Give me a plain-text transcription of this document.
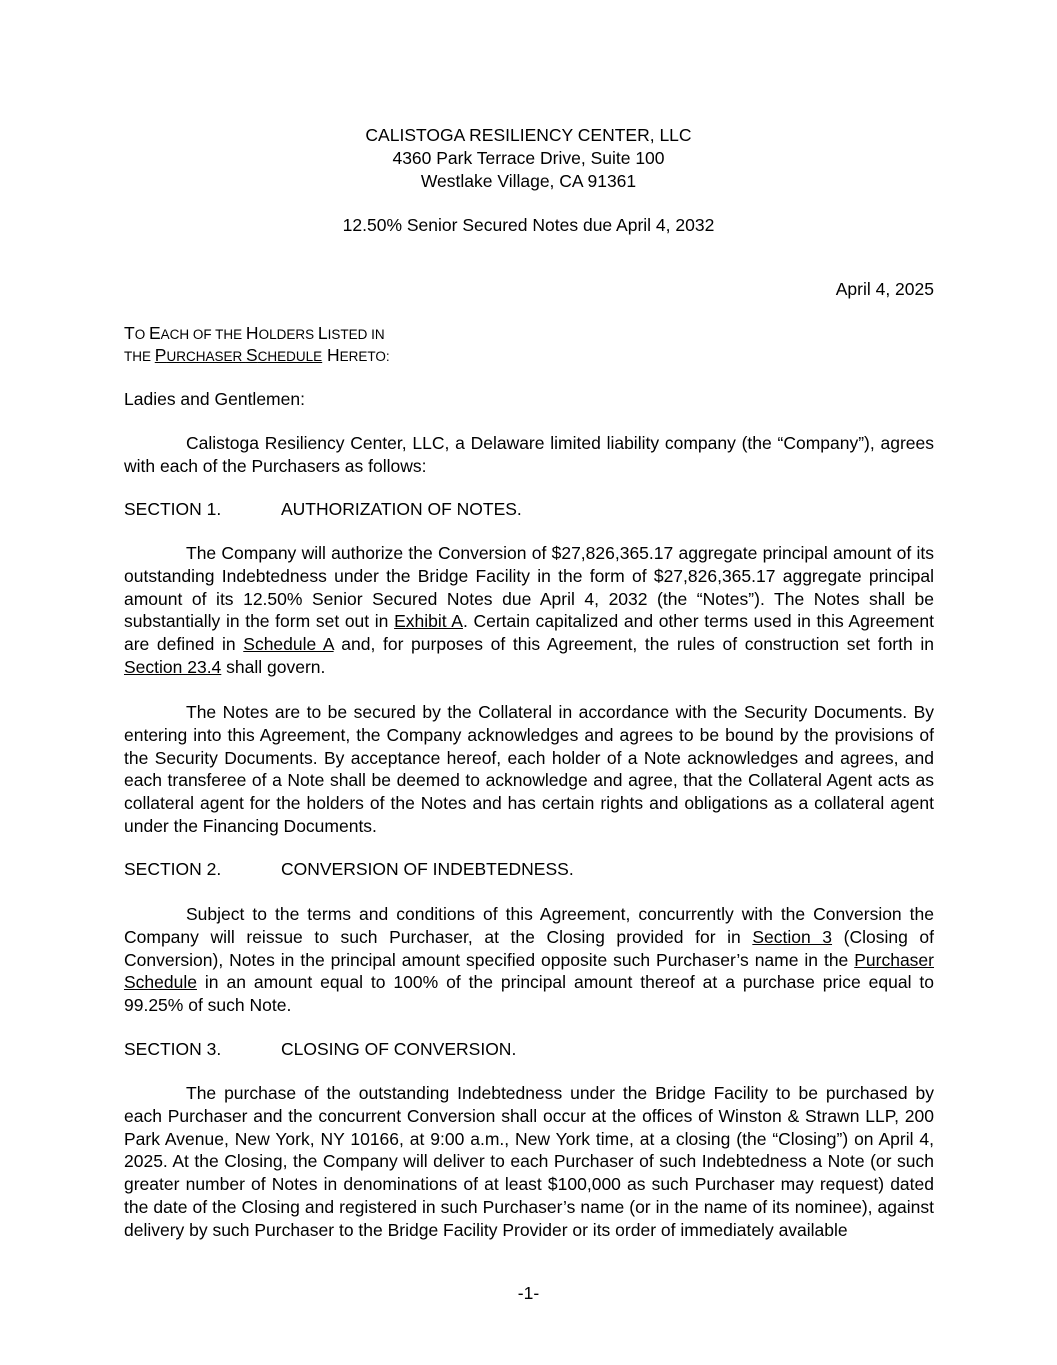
CALISTOGA RESILIENCY CENTER, LLC
4360 Park Terrace Drive, Suite 100
Westlake Village, CA 91361
12.50% Senior Secured Notes due April 4, 2032
April 4, 2025
TO EACH OF THE HOLDERS LISTED IN
THE PURCHASER SCHEDULE HERETO:
Ladies and Gentlemen:

Calistoga Resiliency Center, LLC, a Delaware limited liability company (the “Company”), agrees with each of the Purchasers as follows:

SECTION 1.	AUTHORIZATION OF NOTES.

The Company will authorize the Conversion of $27,826,365.17 aggregate principal amount of its outstanding Indebtedness under the Bridge Facility in the form of $27,826,365.17 aggregate principal amount of its 12.50% Senior Secured Notes due April 4, 2032 (the “Notes”). The Notes shall be substantially in the form set out in Exhibit A. Certain capitalized and other terms used in this Agreement are defined in Schedule A and, for purposes of this Agreement, the rules of construction set forth in Section 23.4 shall govern.

The Notes are to be secured by the Collateral in accordance with the Security Documents. By entering into this Agreement, the Company acknowledges and agrees to be bound by the provisions of the Security Documents. By acceptance hereof, each holder of a Note acknowledges and agrees, and each transferee of a Note shall be deemed to acknowledge and agree, that the Collateral Agent acts as collateral agent for the holders of the Notes and has certain rights and obligations as a collateral agent under the Financing Documents.

SECTION 2.	CONVERSION OF INDEBTEDNESS.

Subject to the terms and conditions of this Agreement, concurrently with the Conversion the Company will reissue to such Purchaser, at the Closing provided for in Section 3 (Closing of Conversion), Notes in the principal amount specified opposite such Purchaser’s name in the Purchaser Schedule in an amount equal to 100% of the principal amount thereof at a purchase price equal to 99.25% of such Note.

SECTION 3.	CLOSING OF CONVERSION.

The purchase of the outstanding Indebtedness under the Bridge Facility to be purchased by each Purchaser and the concurrent Conversion shall occur at the offices of Winston & Strawn LLP, 200 Park Avenue, New York, NY 10166, at 9:00 a.m., New York time, at a closing (the “Closing”) on April 4, 2025. At the Closing, the Company will deliver to each Purchaser of such Indebtedness a Note (or such greater number of Notes in denominations of at least $100,000 as such Purchaser may request) dated the date of the Closing and registered in such Purchaser’s name (or in the name of its nominee), against delivery by such Purchaser to the Bridge Facility Provider or its order of immediately available

-1-
